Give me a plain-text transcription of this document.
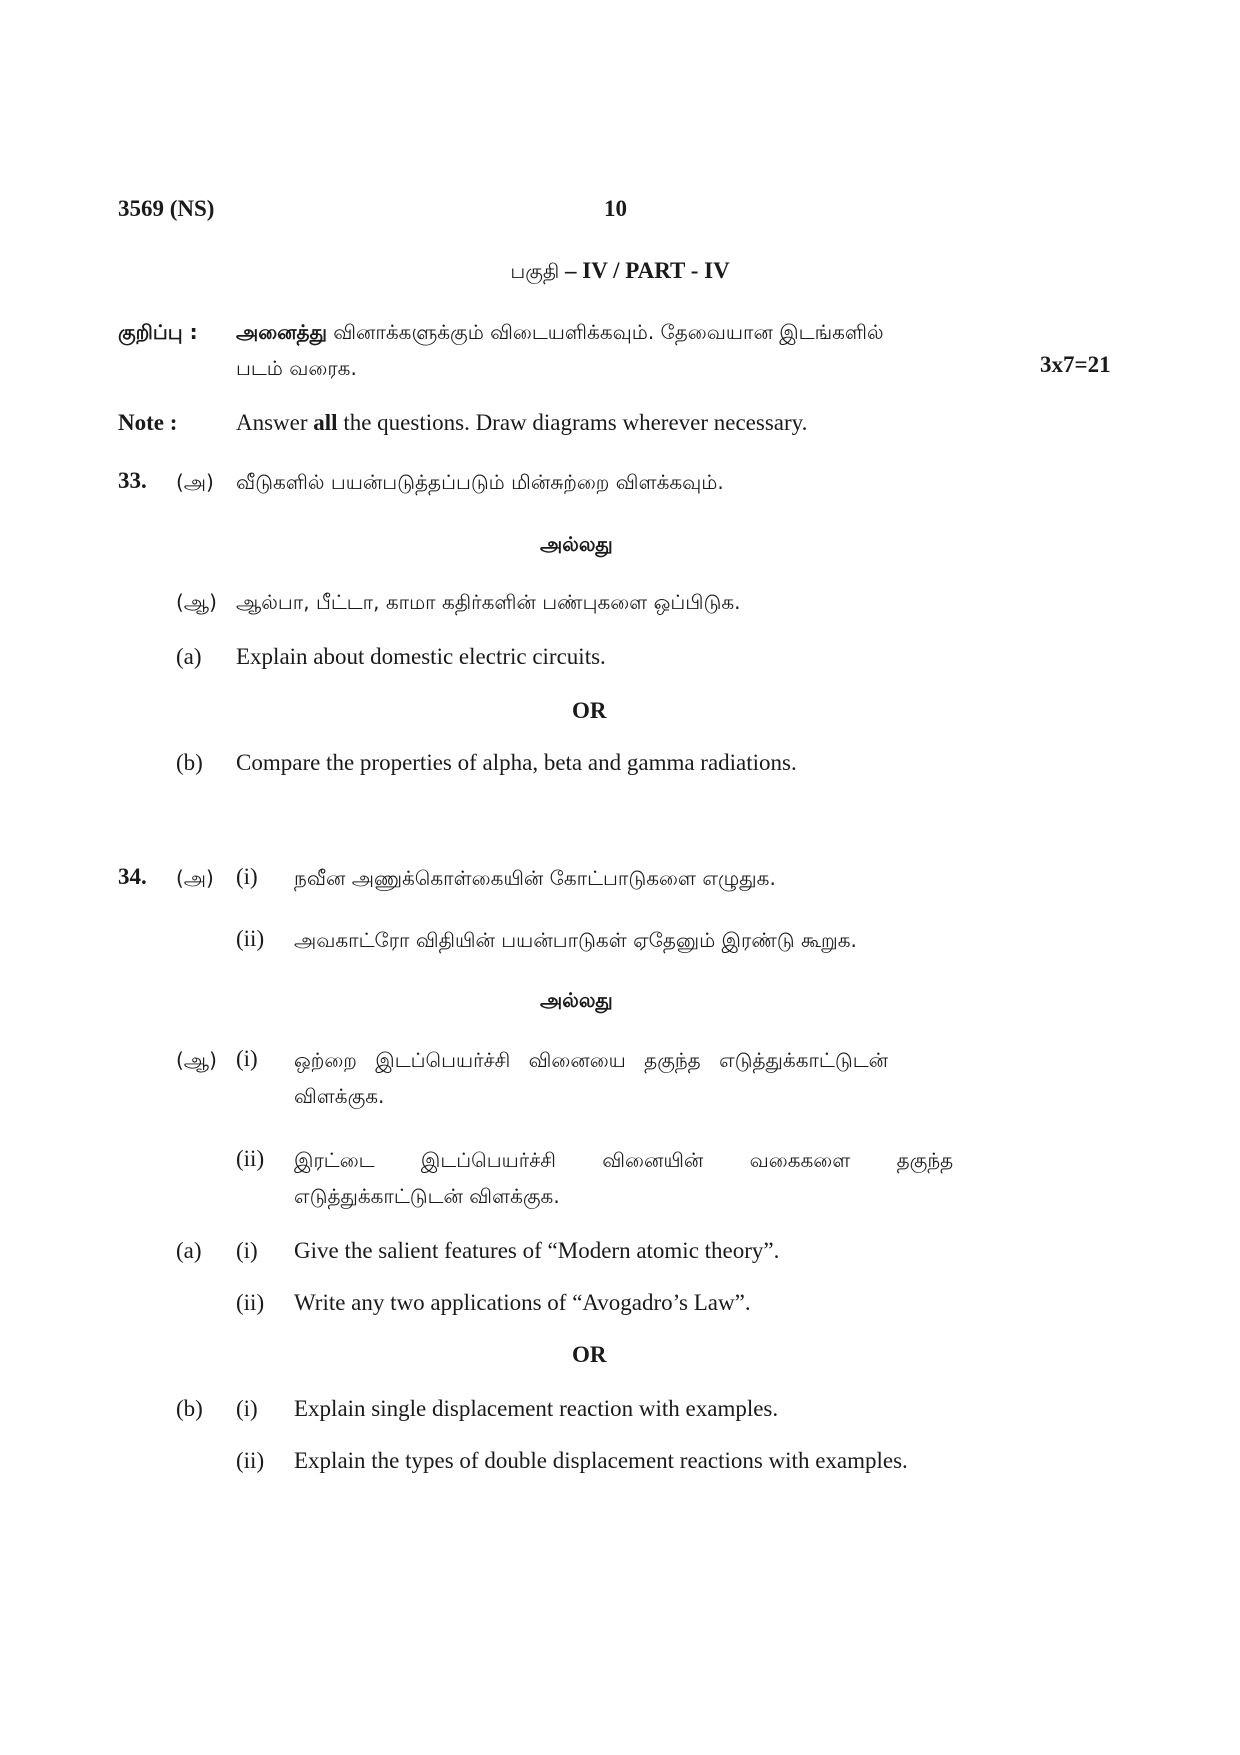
3569 (NS)	10
பகுதி – IV / PART - IV
குறிப்பு : அனைத்து வினாக்களுக்கும் விடையளிக்கவும். தேவையான இடங்களில்
படம் வரைக.	3x7=21
Note :	Answer all the questions. Draw diagrams wherever necessary.
33. (அ) வீடுகளில் பயன்படுத்தப்படும் மின்சுற்றை விளக்கவும்.
அல்லது
(ஆ) ஆல்பா, பீட்டா, காமா கதிர்களின் பண்புகளை ஒப்பிடுக.
(a) Explain about domestic electric circuits.
OR
(b) Compare the properties of alpha, beta and gamma radiations.
34. (அ) (i) நவீன அணுக்கொள்கையின் கோட்பாடுகளை எழுதுக.
(ii) அவகாட்ரோ விதியின் பயன்பாடுகள் ஏதேனும் இரண்டு கூறுக.
அல்லது
(ஆ) (i) ஒற்றை இடப்பெயர்ச்சி வினையை தகுந்த எடுத்துக்காட்டுடன்
விளக்குக.
(ii) இரட்டை இடப்பெயர்ச்சி வினையின் வகைகளை தகுந்த
எடுத்துக்காட்டுடன் விளக்குக.
(a) (i) Give the salient features of “Modern atomic theory”.
(ii) Write any two applications of “Avogadro’s Law”.
OR
(b) (i) Explain single displacement reaction with examples.
(ii) Explain the types of double displacement reactions with examples.
